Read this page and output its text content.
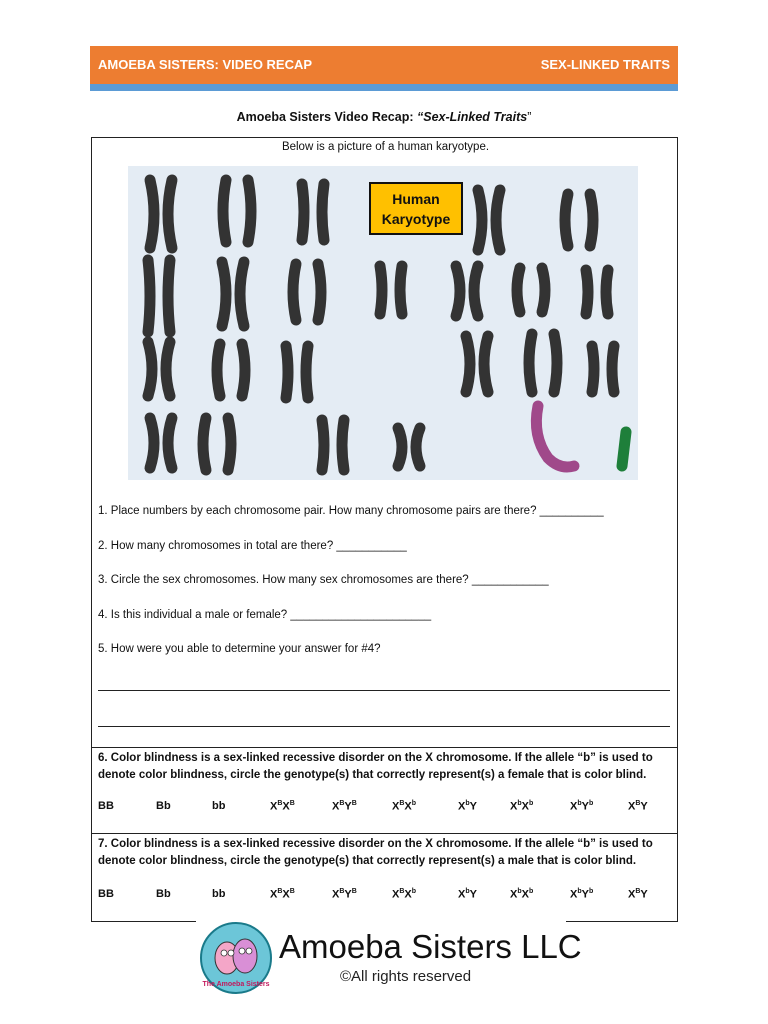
AMOEBA SISTERS: VIDEO RECAP	SEX-LINKED TRAITS
Amoeba Sisters Video Recap: “Sex-Linked Traits”
Below is a picture of a human karyotype.
Human
Karyotype
1. Place numbers by each chromosome pair. How many chromosome pairs are there? __________
2. How many chromosomes in total are there? ___________
3. Circle the sex chromosomes. How many sex chromosomes are there? ____________
4. Is this individual a male or female? ______________________
5. How were you able to determine your answer for #4?
6. Color blindness is a sex-linked recessive disorder on the X chromosome. If the allele “b” is used to denote color blindness, circle the genotype(s) that correctly represent(s) a female that is color blind.
BB	Bb	bb	$X^BX^B$	$X^BY^B$	$X^BX^b$	$X^bY$	$X^bX^b$	$X^bY^b$	$X^BY$
7. Color blindness is a sex-linked recessive disorder on the X chromosome. If the allele “b” is used to denote color blindness, circle the genotype(s) that correctly represent(s) a male that is color blind.
BB	Bb	bb	$X^BX^B$	$X^BY^B$	$X^BX^b$	$X^bY$	$X^bX^b$	$X^bY^b$	$X^BY$
The Amoeba Sisters
Amoeba Sisters LLC
©All rights reserved
